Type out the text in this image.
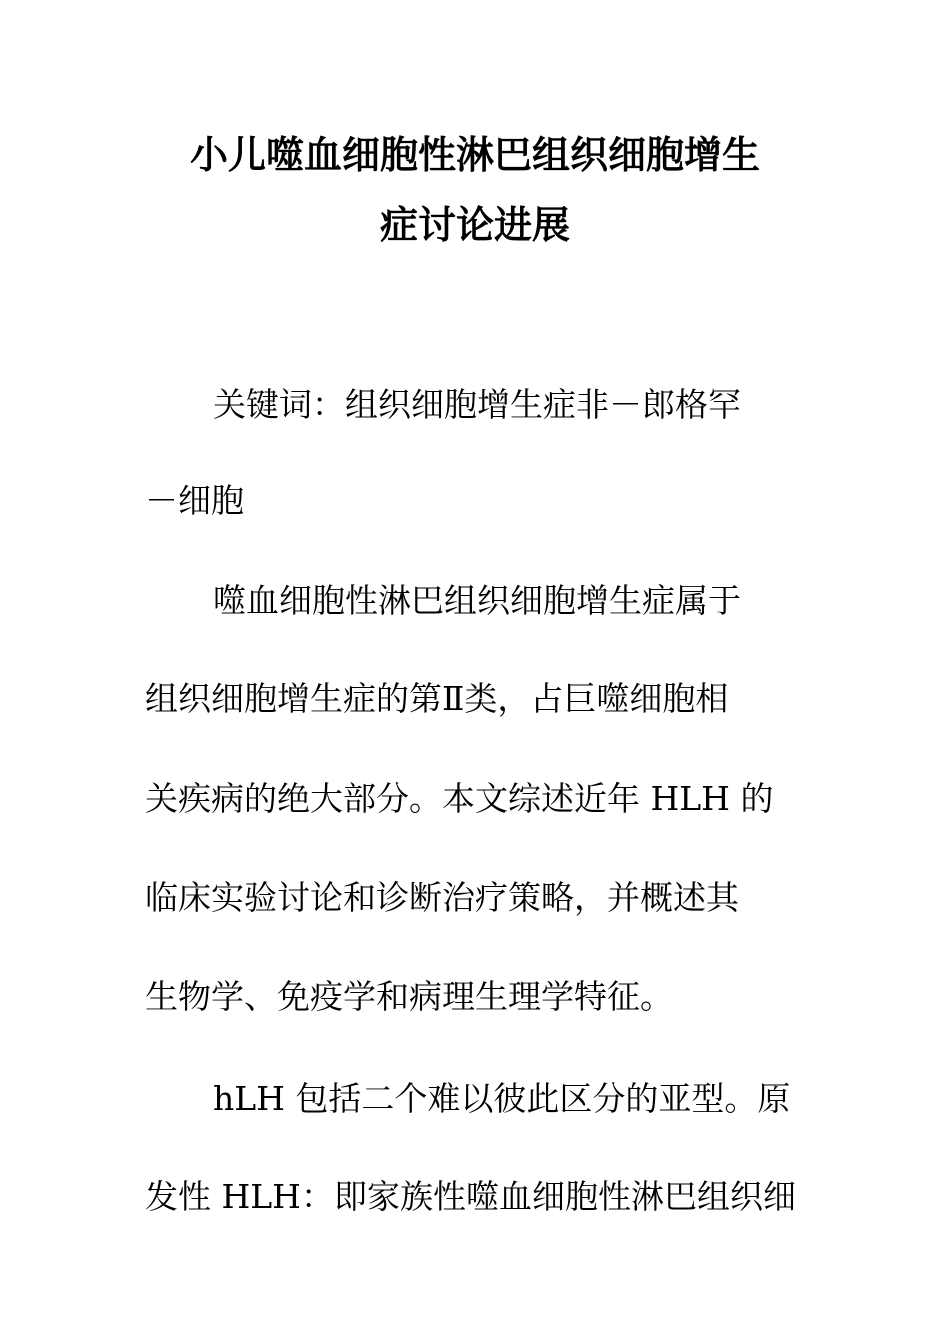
小儿噬血细胞性淋巴组织细胞增生
症讨论进展
关键词：组织细胞增生症非－郎格罕
－细胞
噬血细胞性淋巴组织细胞增生症属于
组织细胞增生症的第Ⅱ类，占巨噬细胞相
关疾病的绝大部分。本文综述近年 HLH 的
临床实验讨论和诊断治疗策略，并概述其
生物学、免疫学和病理生理学特征。
hLH 包括二个难以彼此区分的亚型。原
发性 HLH：即家族性噬血细胞性淋巴组织细
